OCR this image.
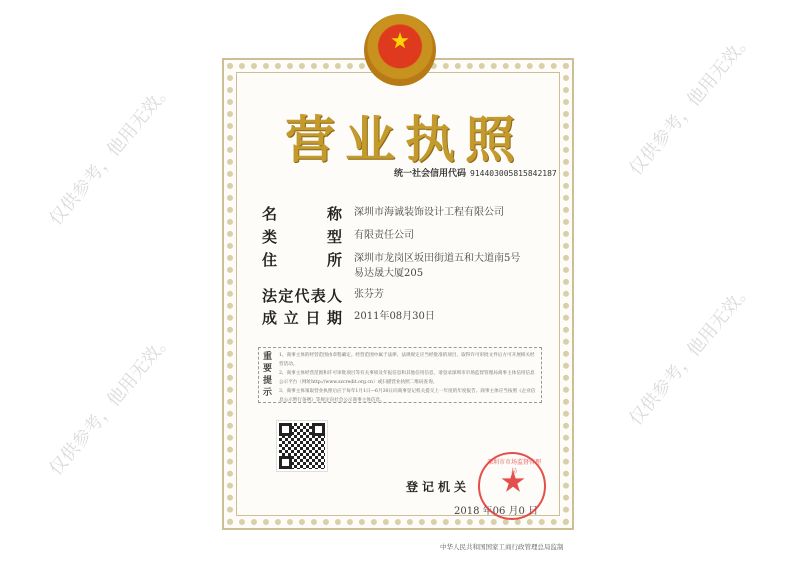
营 业 执 照
统一社会信用代码 914403005815842187
名	称 深圳市海诚装饰设计工程有限公司
类	型 有限责任公司
住	所 深圳市龙岗区坂田街道五和大道南5号易达晟大厦205
法 定 代 表 人 张芬芳
成 立 日 期 2011年08月30日
重要提示
1、商事主体的经营范围由章程确定。经营范围中属于法律、法规规定应当经批准的项目，取得许可审批文件后方可开展相关经营活动。
2、商事主体经营范围和许可审批项目等有关事项及年报信息和其他信用信息，请登录深圳市市场监督管理局商事主体信用信息公示平台（网址http://www.szcredit.org.cn）或扫描营业执照二维码查询。
3、商事主体领取营业执照后应于每年1月1日—6月30日向商事登记机关提交上一年度的年度报告。商事主体应当按照《企业信息公示暂行条例》等规定向社会公示商事主体信息。
登记机关
2018 年06 月0 日
深圳市市场监督管理局
中华人民共和国国家工商行政管理总局监制
仅供参考，他用无效。
仅供参考，他用无效。
仅供参考，他用无效。
仅供参考，他用无效。
